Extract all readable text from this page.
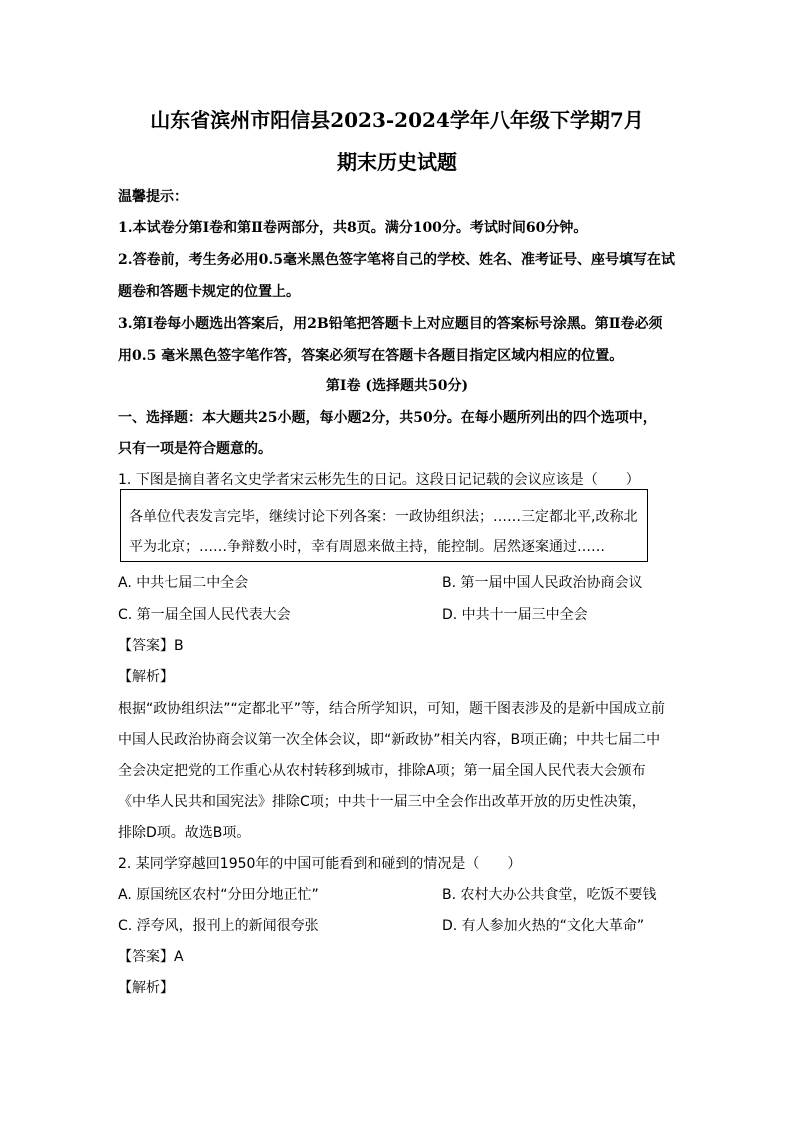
山东省滨州市阳信县2023-2024学年八年级下学期7月
期末历史试题
温馨提示：
1.本试卷分第Ⅰ卷和第Ⅱ卷两部分，共8页。满分100分。考试时间60分钟。
2.答卷前，考生务必用0.5毫米黑色签字笔将自己的学校、姓名、准考证号、座号填写在试
题卷和答题卡规定的位置上。
3.第Ⅰ卷每小题选出答案后，用2B铅笔把答题卡上对应题目的答案标号涂黑。第Ⅱ卷必须
用0.5 毫米黑色签字笔作答，答案必须写在答题卡各题目指定区域内相应的位置。
第Ⅰ卷 (选择题共50分)
一、选择题：本大题共25小题，每小题2分，共50分。在每小题所列出的四个选项中，
只有一项是符合题意的。
1. 下图是摘自著名文史学者宋云彬先生的日记。这段日记记载的会议应该是（　　）
各单位代表发言完毕，继续讨论下列各案：一政协组织法；……三定都北平,改称北
平为北京；……争辩数小时，幸有周恩来做主持，能控制。居然逐案通过……
A. 中共七届二中全会	B. 第一届中国人民政治协商会议
C. 第一届全国人民代表大会	D. 中共十一届三中全会
【答案】B
【解析】
根据“政协组织法”“定都北平”等，结合所学知识，可知，题干图表涉及的是新中国成立前
中国人民政治协商会议第一次全体会议，即“新政协”相关内容，B项正确；中共七届二中
全会决定把党的工作重心从农村转移到城市，排除A项；第一届全国人民代表大会颁布
《中华人民共和国宪法》排除C项；中共十一届三中全会作出改革开放的历史性决策，
排除D项。故选B项。
2. 某同学穿越回1950年的中国可能看到和碰到的情况是（　　）
A. 原国统区农村“分田分地正忙”	B. 农村大办公共食堂，吃饭不要钱
C. 浮夸风，报刊上的新闻很夸张	D. 有人参加火热的“文化大革命”
【答案】A
【解析】
